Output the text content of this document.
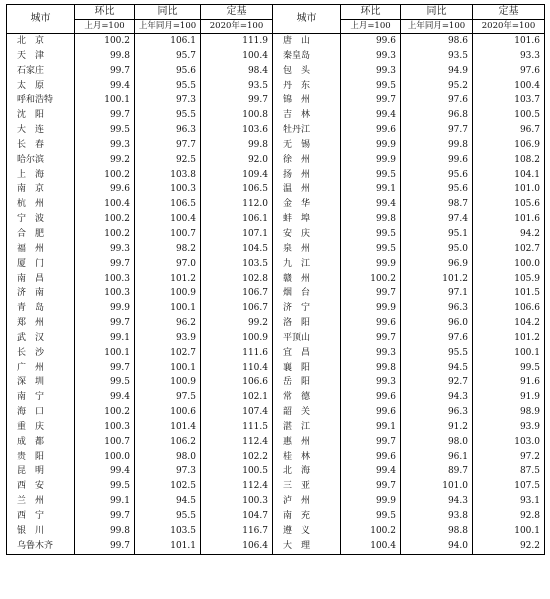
城市	环比	同比	定基	城市	环比	同比	定基
	上月=100	上年同月=100	2020年=100		上月=100	上年同月=100	2020年=100
北　京	100.2	106.1	111.9	唐　山	99.6	98.6	101.6
天　津	99.8	95.7	100.4	秦皇岛	99.3	93.5	93.3
石家庄	99.7	95.6	98.4	包　头	99.3	94.9	97.6
太　原	99.4	95.5	93.5	丹　东	99.5	95.2	100.4
呼和浩特	100.1	97.3	99.7	锦　州	99.7	97.6	103.7
沈　阳	99.7	95.5	100.8	吉　林	99.4	96.8	100.5
大　连	99.5	96.3	103.6	牡丹江	99.6	97.7	96.7
长　春	99.3	97.7	99.8	无　锡	99.9	99.8	106.9
哈尔滨	99.2	92.5	92.0	徐　州	99.9	99.6	108.2
上　海	100.2	103.8	109.4	扬　州	99.5	95.6	104.1
南　京	99.6	100.3	106.5	温　州	99.1	95.6	101.0
杭　州	100.4	106.5	112.0	金　华	99.4	98.7	105.6
宁　波	100.2	100.4	106.1	蚌　埠	99.8	97.4	101.6
合　肥	100.2	100.7	107.1	安　庆	99.5	95.1	94.2
福　州	99.3	98.2	104.5	泉　州	99.5	95.0	102.7
厦　门	99.7	97.0	103.5	九　江	99.9	96.9	100.0
南　昌	100.3	101.2	102.8	赣　州	100.2	101.2	105.9
济　南	100.3	100.9	106.7	烟　台	99.7	97.1	101.5
青　岛	99.9	100.1	106.7	济　宁	99.9	96.3	106.6
郑　州	99.7	96.2	99.2	洛　阳	99.6	96.0	104.2
武　汉	99.1	93.9	100.9	平顶山	99.7	97.6	101.2
长　沙	100.1	102.7	111.6	宜　昌	99.3	95.5	100.1
广　州	99.7	100.1	110.4	襄　阳	99.8	94.5	99.5
深　圳	99.5	100.9	106.6	岳　阳	99.3	92.7	91.6
南　宁	99.4	97.5	102.1	常　德	99.6	94.3	91.9
海　口	100.2	100.6	107.4	韶　关	99.6	96.3	98.9
重　庆	100.3	101.4	111.5	湛　江	99.1	91.2	93.9
成　都	100.7	106.2	112.4	惠　州	99.7	98.0	103.0
贵　阳	100.0	98.0	102.2	桂　林	99.6	96.1	97.2
昆　明	99.4	97.3	100.5	北　海	99.4	89.7	87.5
西　安	99.5	102.5	112.4	三　亚	99.7	101.0	107.5
兰　州	99.1	94.5	100.3	泸　州	99.9	94.3	93.1
西　宁	99.7	95.5	104.7	南　充	99.5	93.8	92.8
银　川	99.8	103.5	116.7	遵　义	100.2	98.8	100.1
乌鲁木齐	99.7	101.1	106.4	大　理	100.4	94.0	92.2
